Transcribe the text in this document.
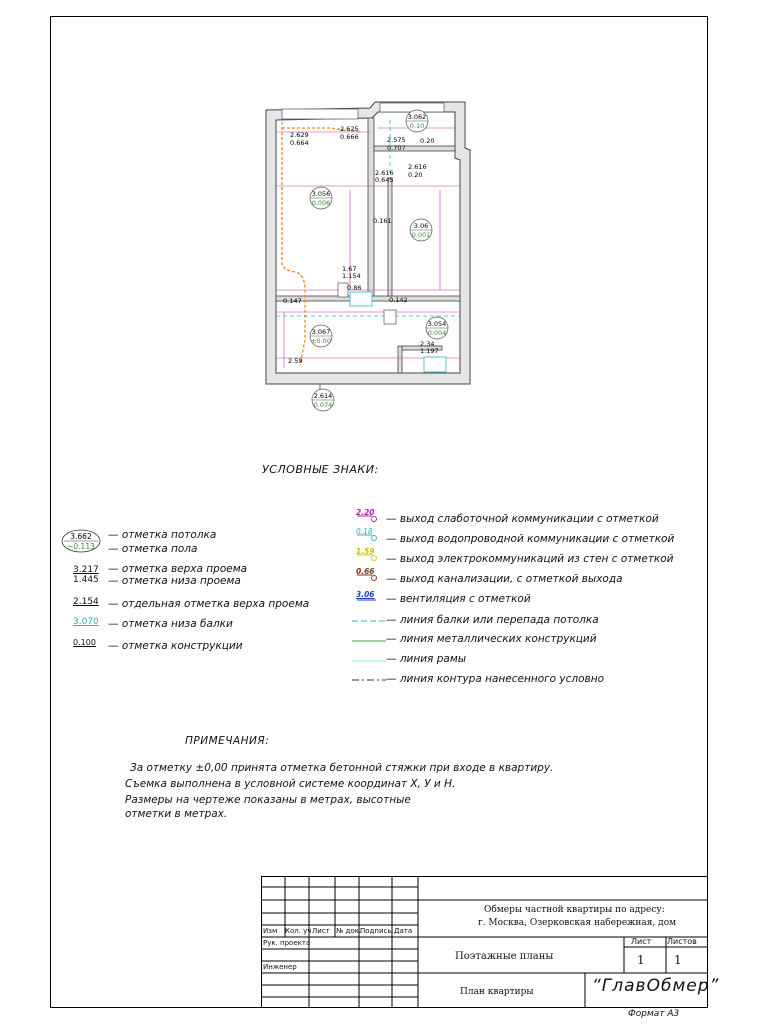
3.062
0.10
3.056
0.006
3.06
0.001
3.067
±0.00
3.054
0.004
2.614
0.074
2.629
0.664
2.625
0.666	2.575
0.707
2.616
0.20
2.616
0.645
1.67
1.154
2.34
1.197
0.147
0.161
0.142
0.20
2.59
0.86
УСЛОВНЫЕ ЗНАКИ:
3.662
−0.113
— отметка потолка
— отметка пола
3.217
1.445
— отметка верха проема
— отметка низа проема
2.154 — отдельная отметка верха проема
3.070 — отметка низа балки
0.100 — отметка конструкции
2.20
— выход слаботочной коммуникации с отметкой
0.18
— выход водопроводной коммуникации с отметкой
1.59
— выход электрокоммуникаций из стен с отметкой
0.66
— выход канализации, с отметкой выхода
3.06 — вентиляция с отметкой
— линия балки или перепада потолка
— линия металлических конструкций
— линия рамы
— линия контура нанесенного условно
ПРИМЕЧАНИЯ:
За отметку ±0,00 принята отметка бетонной стяжки при входе в квартиру.
Съемка выполнена в условной системе координат Х, У и Н.
Размеры на чертеже показаны в метрах, высотные
отметки в метрах.
Изм Кол. уч Лист № док.
Подпись Дата
Рук. проекта
Инженер
Обмеры частной квартиры по адресу:
г. Москва, Озерковская набережная, дом
Поэтажные планы
Лист Листов
1 1
План квартиры	“ГлавОбмер”
Формат А3
